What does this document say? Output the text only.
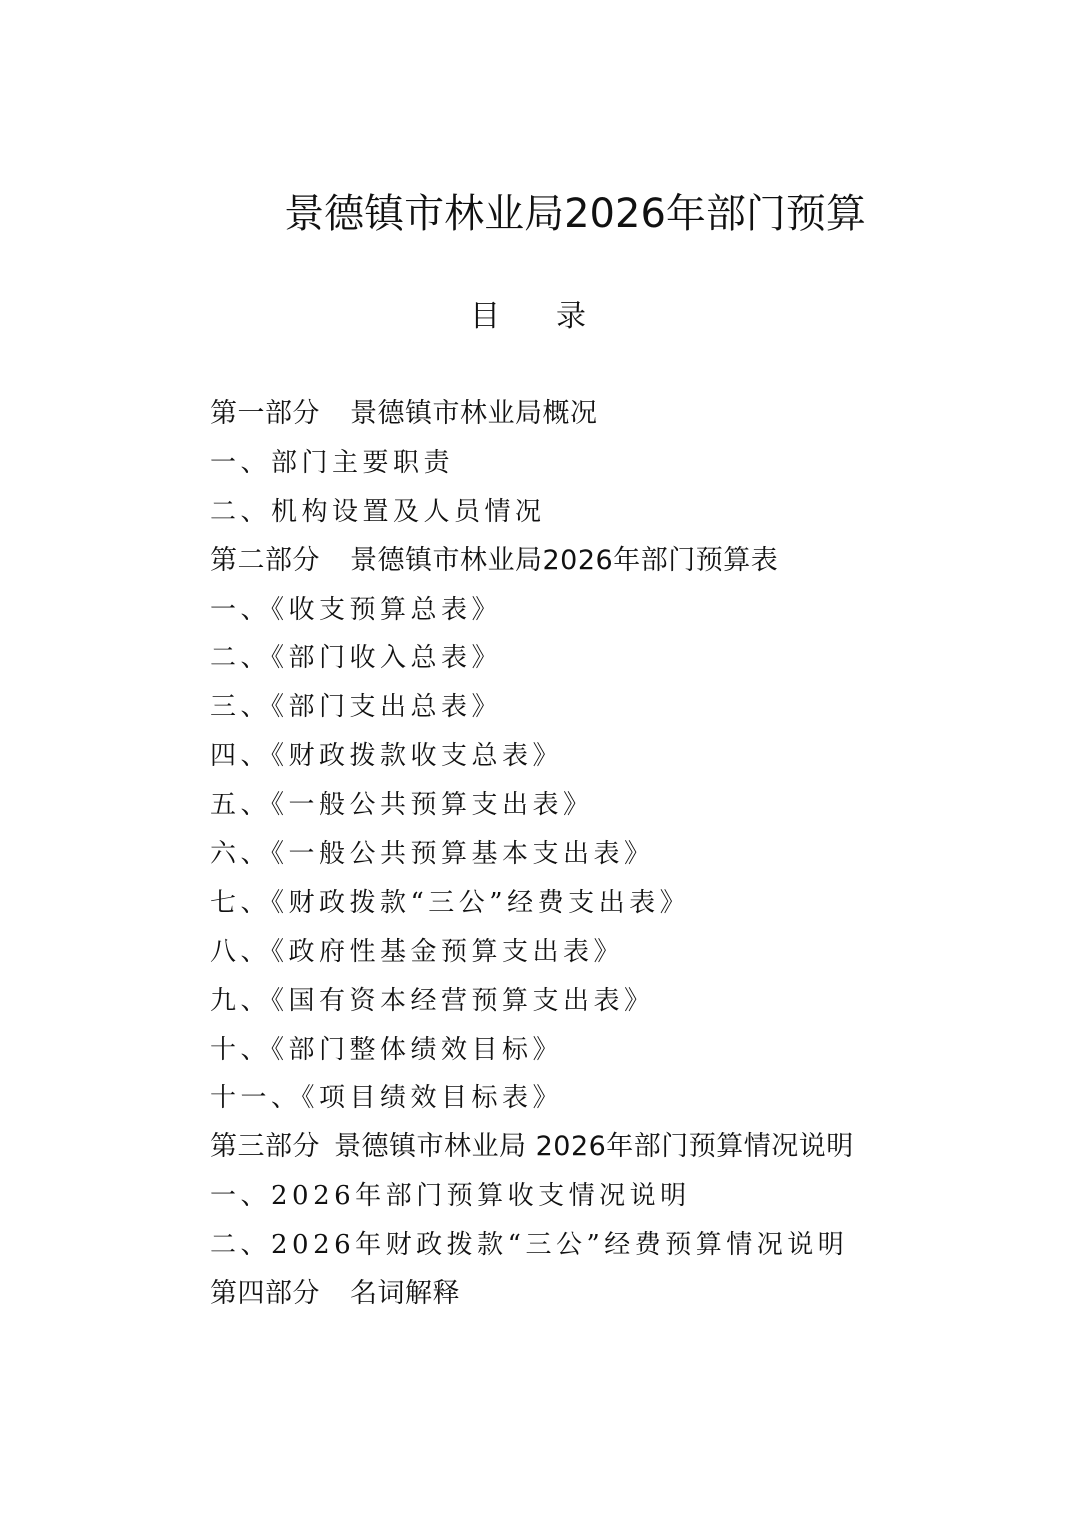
景德镇市林业局2026年部门预算
目录
第一部分 景德镇市林业局概况
一、部门主要职责
二、机构设置及人员情况
第二部分 景德镇市林业局2026年部门预算表
一、《收支预算总表》
二、《部门收入总表》
三、《部门支出总表》
四、《财政拨款收支总表》
五、《一般公共预算支出表》
六、《一般公共预算基本支出表》
七、《财政拨款“三公”经费支出表》
八、《政府性基金预算支出表》
九、《国有资本经营预算支出表》
十、《部门整体绩效目标》
十一、《项目绩效目标表》
第三部分 景德镇市林业局 2026年部门预算情况说明
一、2026年部门预算收支情况说明
二、2026年财政拨款“三公”经费预算情况说明
第四部分 名词解释
